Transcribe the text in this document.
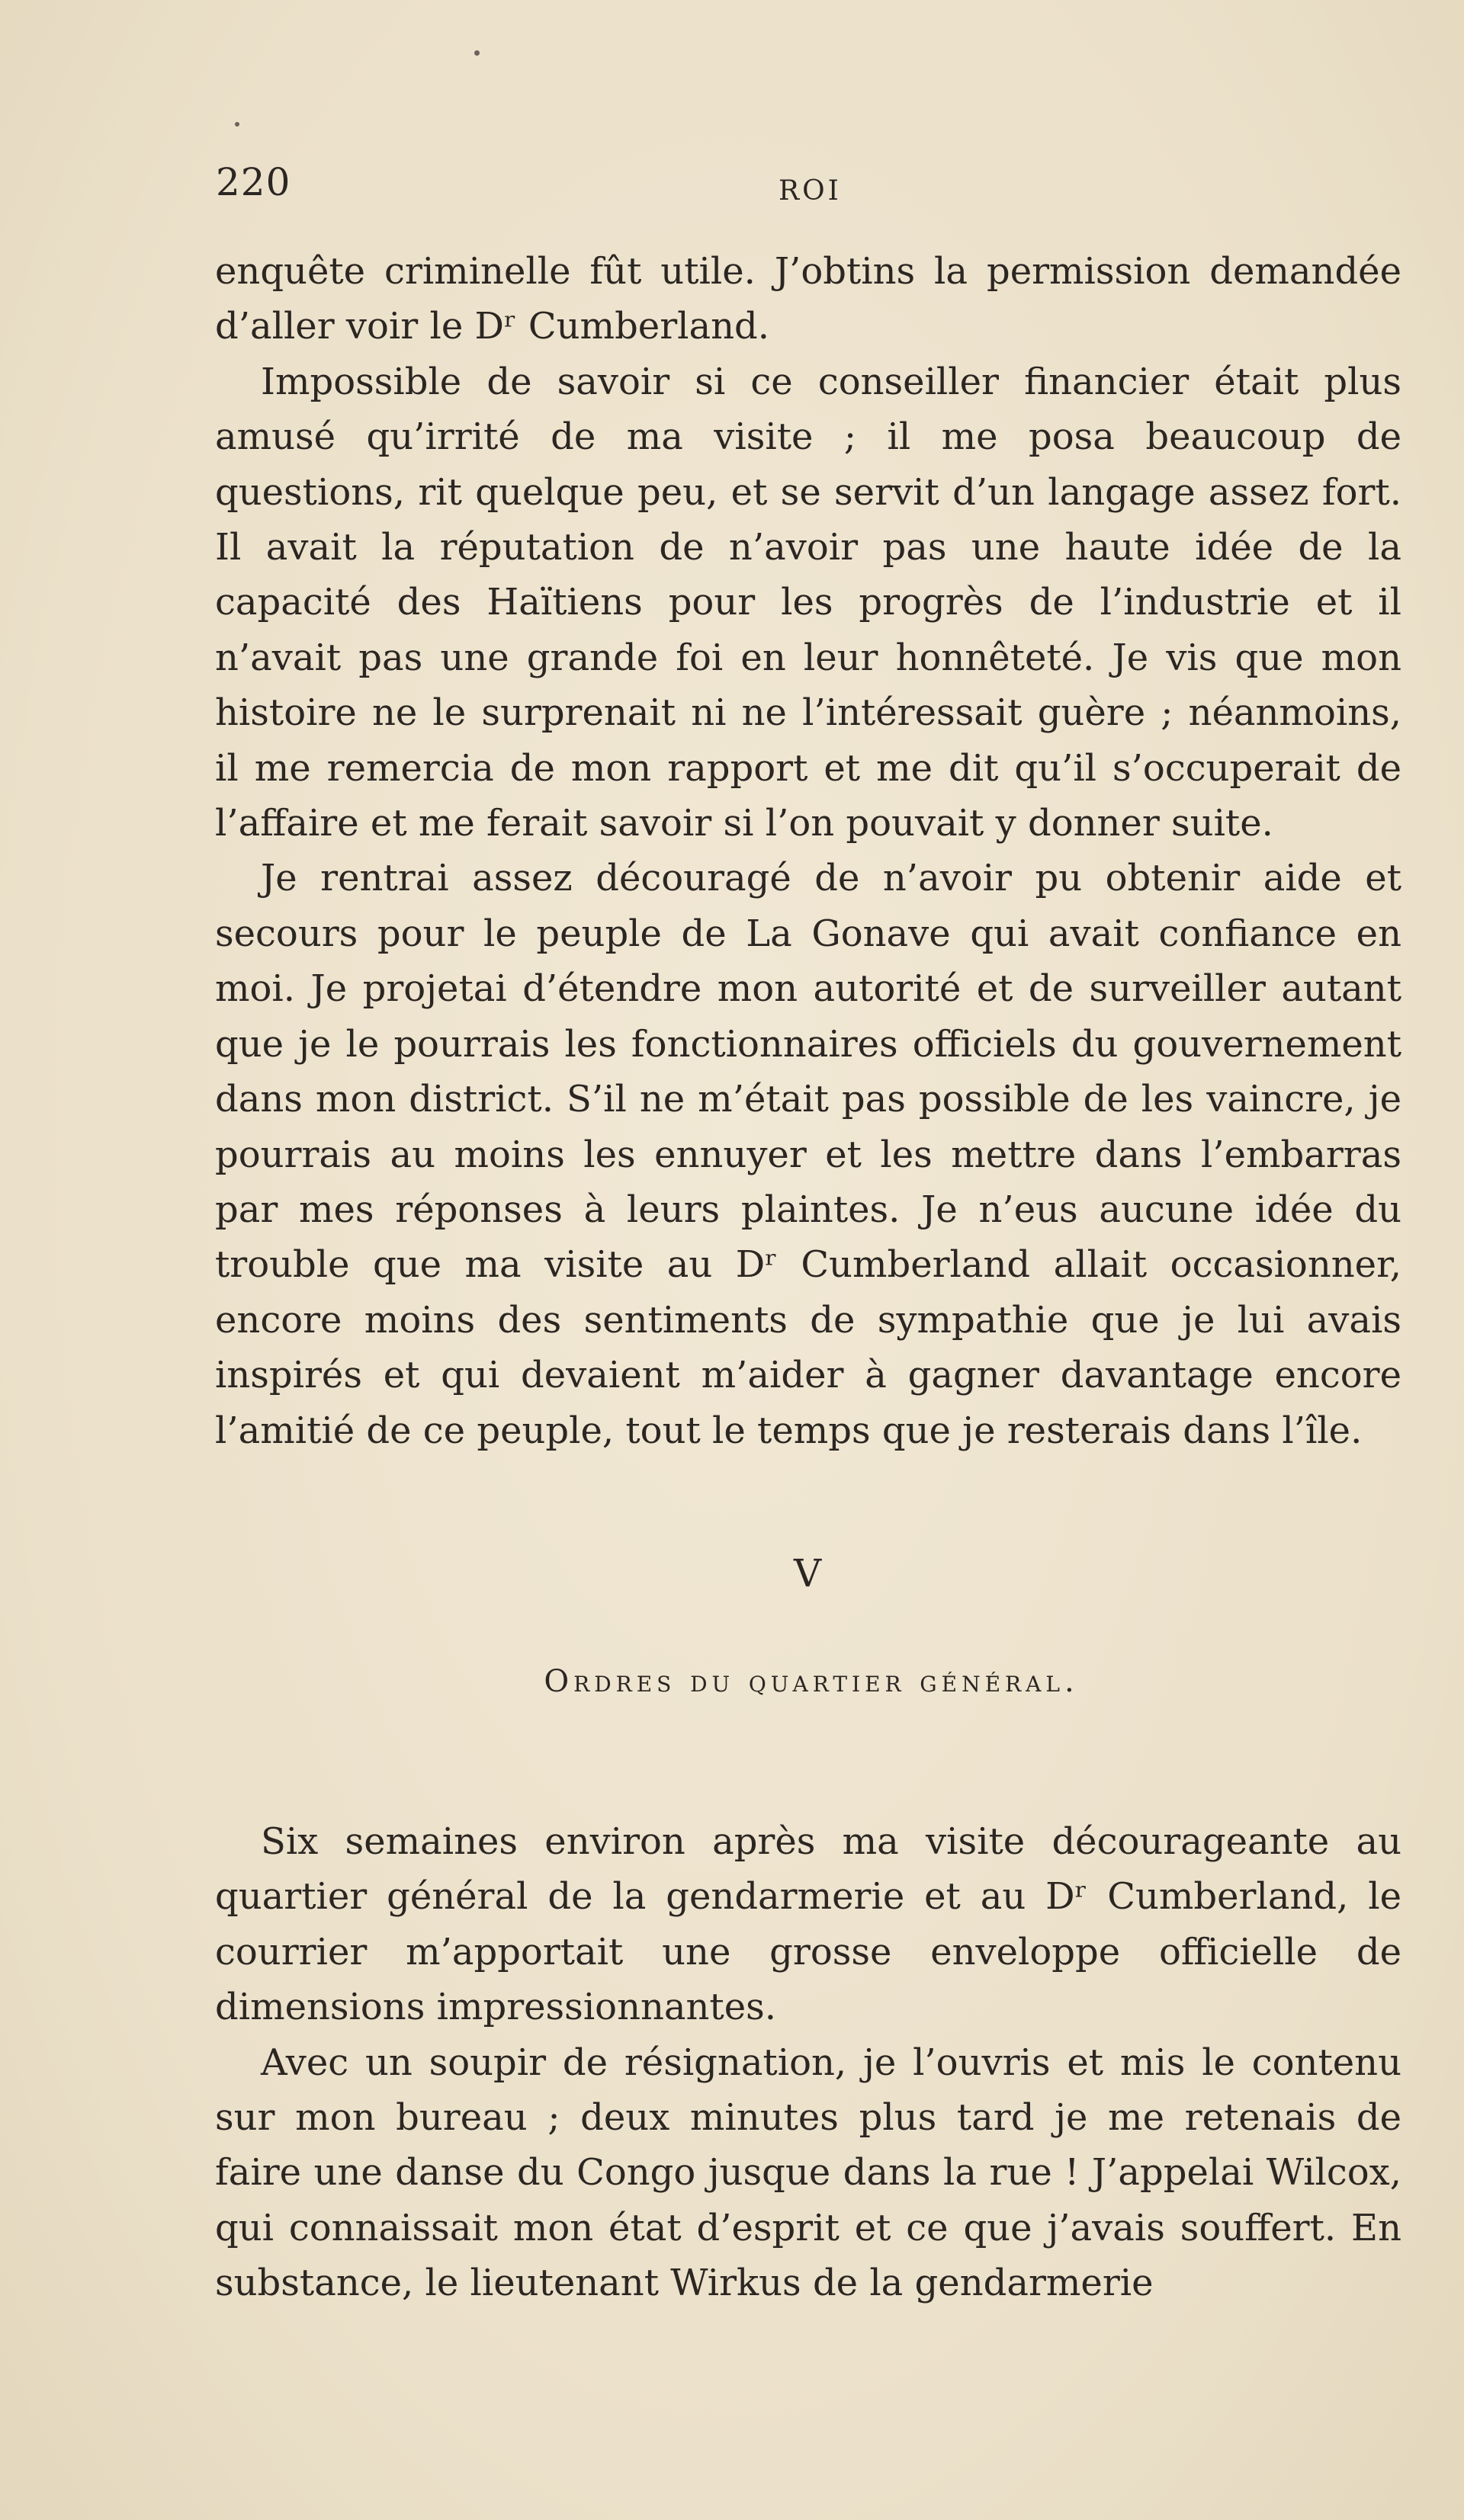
220	ROI

enquête criminelle fût utile. J’obtins la permission demandée d’aller voir le Dʳ Cumberland.

Impossible de savoir si ce conseiller financier était plus amusé qu’irrité de ma visite ; il me posa beaucoup de questions, rit quelque peu, et se servit d’un langage assez fort. Il avait la réputation de n’avoir pas une haute idée de la capacité des Haïtiens pour les progrès de l’industrie et il n’avait pas une grande foi en leur honnêteté. Je vis que mon histoire ne le surprenait ni ne l’intéressait guère ; néanmoins, il me remercia de mon rapport et me dit qu’il s’occuperait de l’affaire et me ferait savoir si l’on pouvait y donner suite.

Je rentrai assez découragé de n’avoir pu obtenir aide et secours pour le peuple de La Gonave qui avait confiance en moi. Je projetai d’étendre mon autorité et de surveiller autant que je le pourrais les fonctionnaires officiels du gouvernement dans mon district. S’il ne m’était pas possible de les vaincre, je pourrais au moins les ennuyer et les mettre dans l’embarras par mes réponses à leurs plaintes. Je n’eus aucune idée du trouble que ma visite au Dʳ Cumberland allait occasionner, encore moins des sentiments de sympathie que je lui avais inspirés et qui devaient m’aider à gagner davantage encore l’amitié de ce peuple, tout le temps que je resterais dans l’île.

V
Ordres du quartier général.

Six semaines environ après ma visite décourageante au quartier général de la gendarmerie et au Dʳ Cumberland, le courrier m’apportait une grosse enveloppe officielle de dimensions impressionnantes.

Avec un soupir de résignation, je l’ouvris et mis le contenu sur mon bureau ; deux minutes plus tard je me retenais de faire une danse du Congo jusque dans la rue ! J’appelai Wilcox, qui connaissait mon état d’esprit et ce que j’avais souffert. En substance, le lieutenant Wirkus de la gendarmerie
